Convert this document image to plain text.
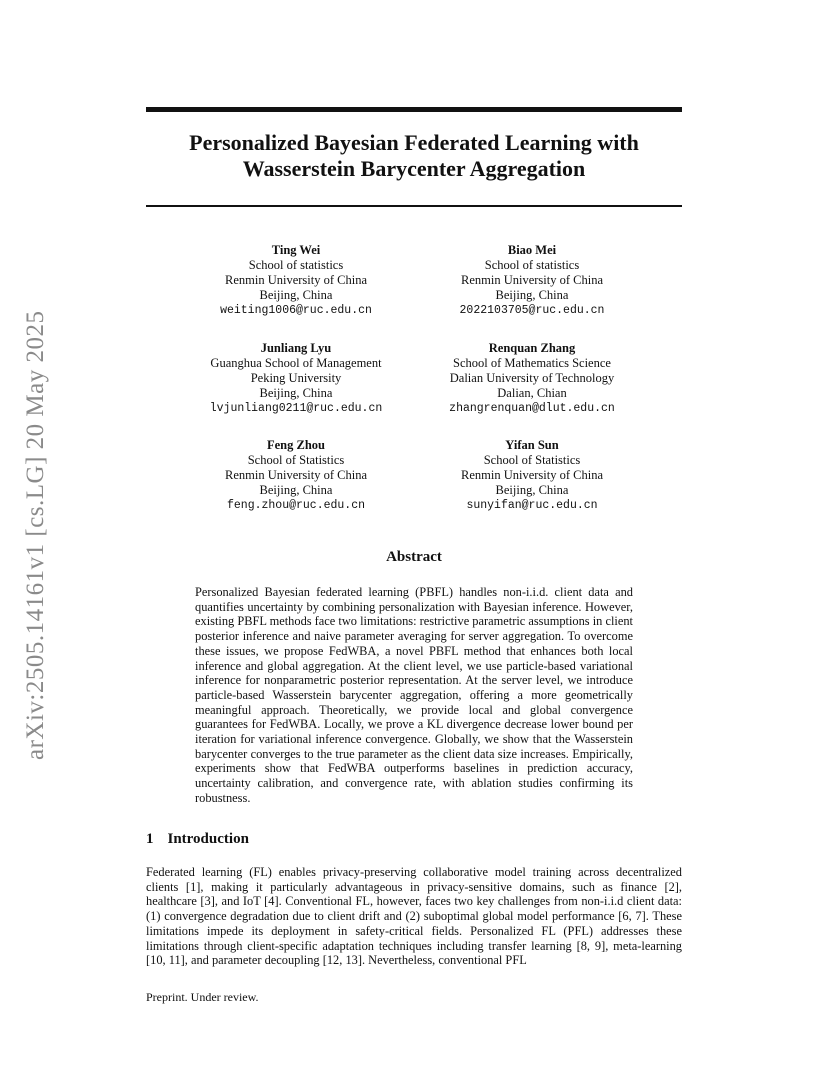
arXiv:2505.14161v1 [cs.LG] 20 May 2025
Personalized Bayesian Federated Learning with
Wasserstein Barycenter Aggregation
Ting Wei
School of statistics
Renmin University of China
Beijing, China
weiting1006@ruc.edu.cn
Biao Mei
School of statistics
Renmin University of China
Beijing, China
2022103705@ruc.edu.cn
Junliang Lyu
Guanghua School of Management
Peking University
Beijing, China
lvjunliang0211@ruc.edu.cn
Renquan Zhang
School of Mathematics Science
Dalian University of Technology
Dalian, Chian
zhangrenquan@dlut.edu.cn
Feng Zhou
School of Statistics
Renmin University of China
Beijing, China
feng.zhou@ruc.edu.cn
Yifan Sun
School of Statistics
Renmin University of China
Beijing, China
sunyifan@ruc.edu.cn
Abstract
Personalized Bayesian federated learning (PBFL) handles non-i.i.d. client data and quantifies uncertainty by combining personalization with Bayesian inference. However, existing PBFL methods face two limitations: restrictive parametric assumptions in client posterior inference and naive parameter averaging for server aggregation. To overcome these issues, we propose FedWBA, a novel PBFL method that enhances both local inference and global aggregation. At the client level, we use particle-based variational inference for nonparametric posterior representation. At the server level, we introduce particle-based Wasserstein barycenter aggregation, offering a more geometrically meaningful approach. Theoretically, we provide local and global convergence guarantees for FedWBA. Locally, we prove a KL divergence decrease lower bound per iteration for variational inference convergence. Globally, we show that the Wasserstein barycenter converges to the true parameter as the client data size increases. Empirically, experiments show that FedWBA outperforms baselines in prediction accuracy, uncertainty calibration, and convergence rate, with ablation studies confirming its robustness.
1 Introduction
Federated learning (FL) enables privacy-preserving collaborative model training across decentralized clients [1], making it particularly advantageous in privacy-sensitive domains, such as finance [2], healthcare [3], and IoT [4]. Conventional FL, however, faces two key challenges from non-i.i.d client data: (1) convergence degradation due to client drift and (2) suboptimal global model performance [6, 7]. These limitations impede its deployment in safety-critical fields. Personalized FL (PFL) addresses these limitations through client-specific adaptation techniques including transfer learning [8, 9], meta-learning [10, 11], and parameter decoupling [12, 13]. Nevertheless, conventional PFL
Preprint. Under review.
